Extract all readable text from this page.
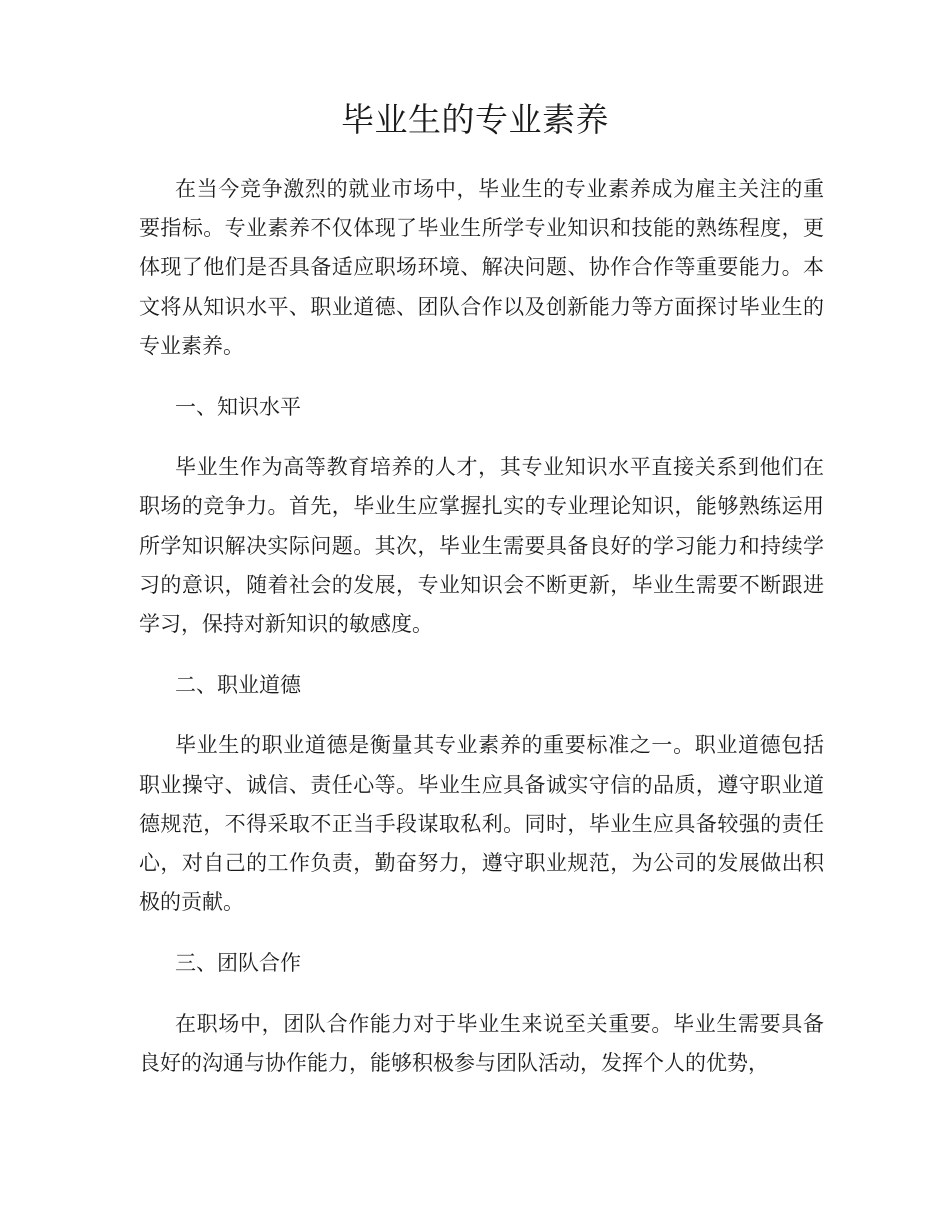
毕业生的专业素养

在当今竞争激烈的就业市场中，毕业生的专业素养成为雇主关注的重要指标。专业素养不仅体现了毕业生所学专业知识和技能的熟练程度，更体现了他们是否具备适应职场环境、解决问题、协作合作等重要能力。本文将从知识水平、职业道德、团队合作以及创新能力等方面探讨毕业生的专业素养。

一、知识水平

毕业生作为高等教育培养的人才，其专业知识水平直接关系到他们在职场的竞争力。首先，毕业生应掌握扎实的专业理论知识，能够熟练运用所学知识解决实际问题。其次，毕业生需要具备良好的学习能力和持续学习的意识，随着社会的发展，专业知识会不断更新，毕业生需要不断跟进学习，保持对新知识的敏感度。

二、职业道德

毕业生的职业道德是衡量其专业素养的重要标准之一。职业道德包括职业操守、诚信、责任心等。毕业生应具备诚实守信的品质，遵守职业道德规范，不得采取不正当手段谋取私利。同时，毕业生应具备较强的责任心，对自己的工作负责，勤奋努力，遵守职业规范，为公司的发展做出积极的贡献。

三、团队合作

在职场中，团队合作能力对于毕业生来说至关重要。毕业生需要具备良好的沟通与协作能力，能够积极参与团队活动，发挥个人的优势，
